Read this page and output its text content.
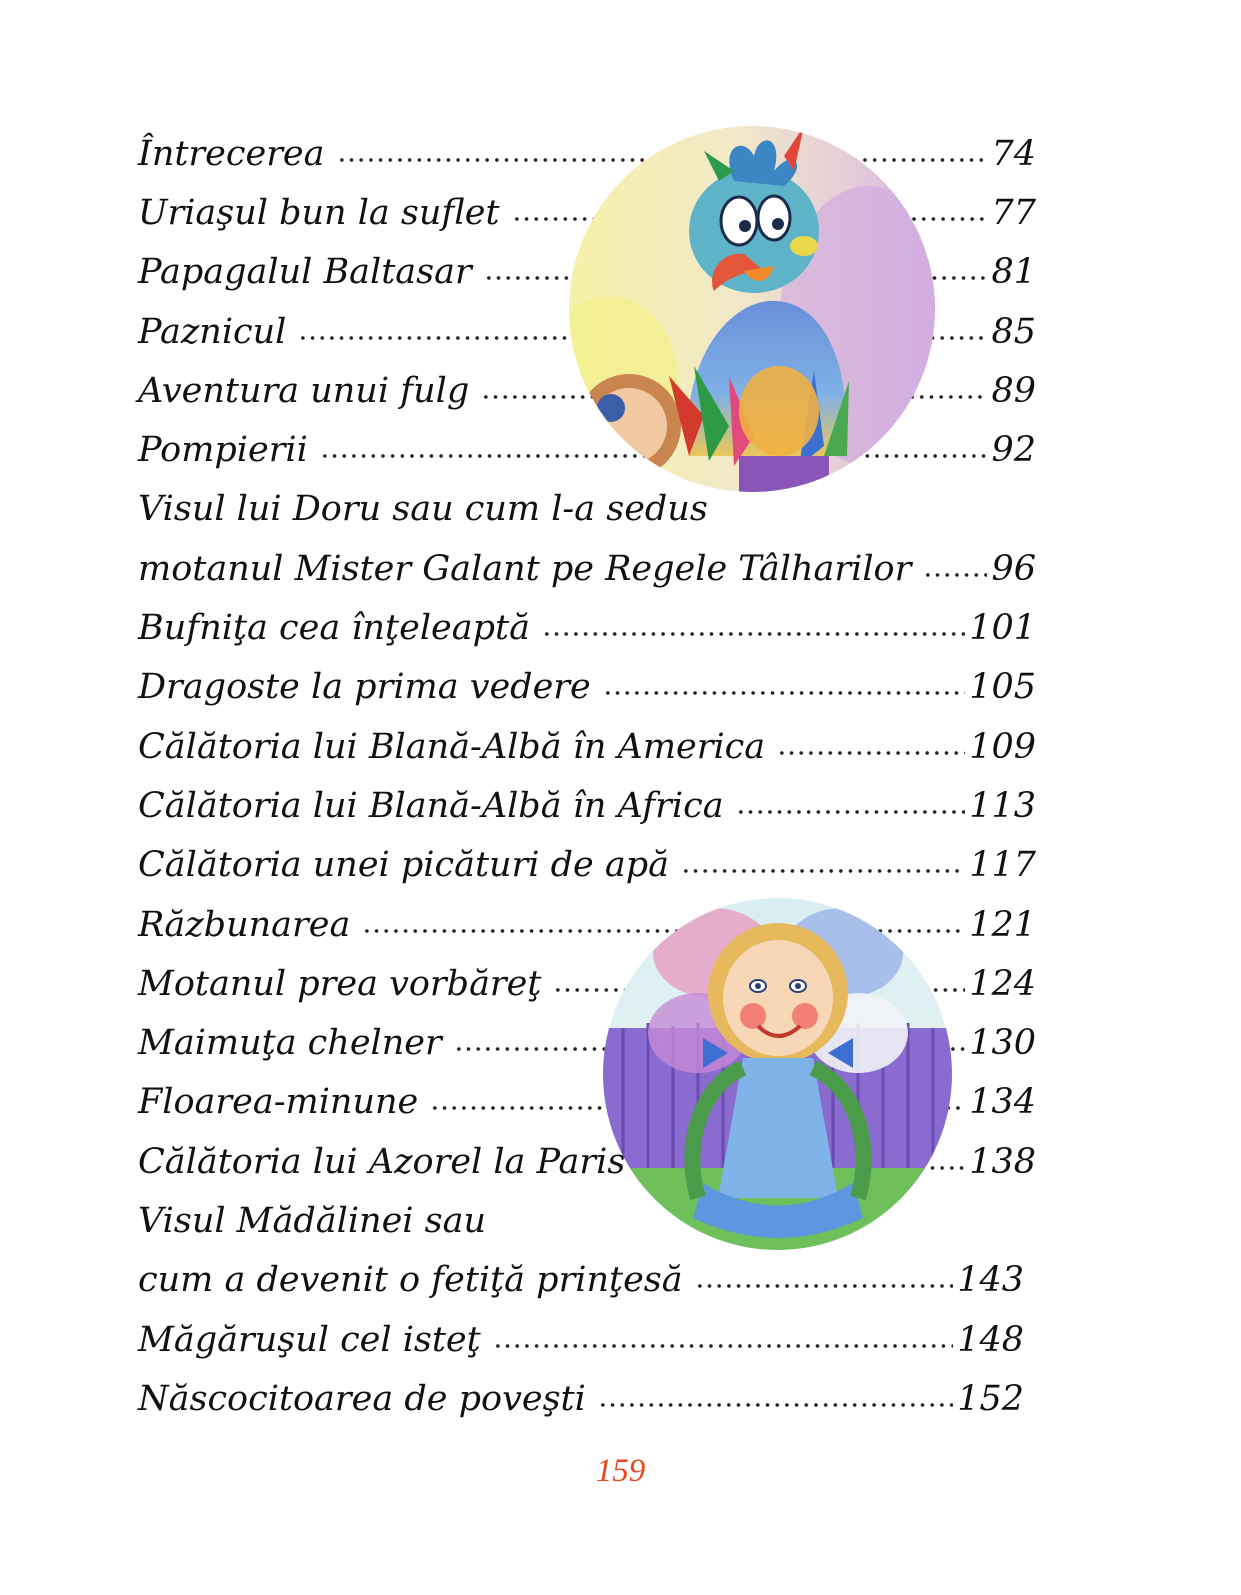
Întrecerea	74
Uriaşul bun la suflet	77
Papagalul Baltasar	81
Paznicul	85
Aventura unui fulg	89
Pompierii	92
Visul lui Doru sau cum l-a sedus
motanul Mister Galant pe Regele Tâlharilor 96
Bufniţa cea înţeleaptă	101
Dragoste la prima vedere	105
Călătoria lui Blană-Albă în America	109
Călătoria lui Blană-Albă în Africa	113
Călătoria unei picături de apă	117
Răzbunarea	121
Motanul prea vorbăreţ	124
Maimuţa chelner	130
Floarea-minune	134
Călătoria lui Azorel la Paris	138
Visul Mădălinei sau
cum a devenit o fetiţă prinţesă	143
Măgăruşul cel isteţ	148
Născocitoarea de poveşti	152
159
